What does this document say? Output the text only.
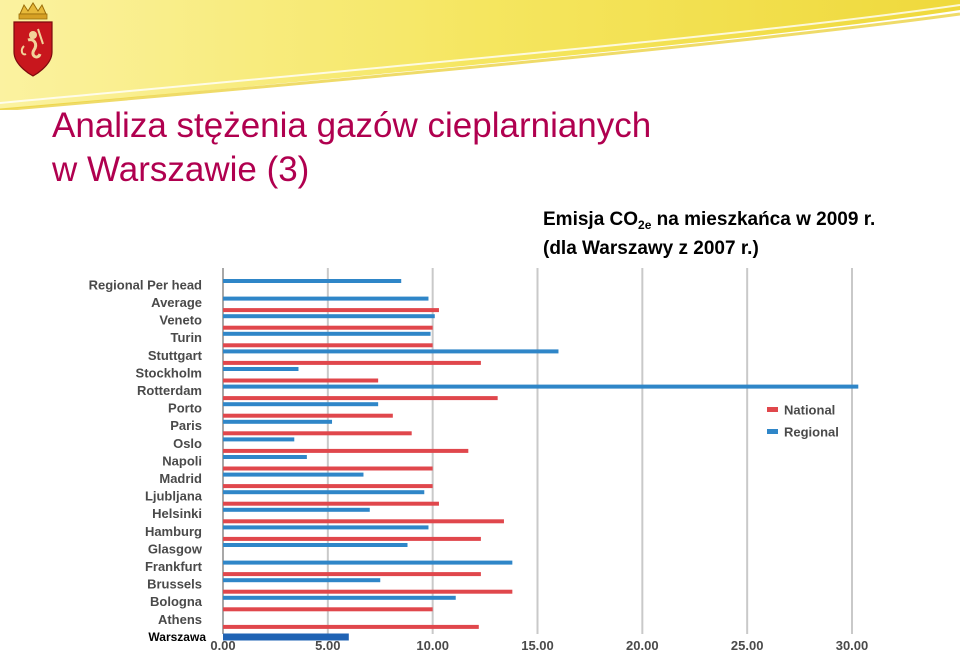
Analiza stężenia gazów cieplarnianych
w Warszawie (3)
Emisja $CO_{2e}$ na mieszkańca w 2009 r.
(dla Warszawy z 2007 r.)
Regional Per head
Average
Veneto
Turin
Stuttgart
Stockholm
Rotterdam
Porto
Paris
Oslo
Napoli
Madrid
Ljubljana
Helsinki
Hamburg
Glasgow
Frankfurt
Brussels
Bologna
Athens
Warszawa
0.00	5.00	10.00	15.00	20.00	25.00	30.00
National
Regional
